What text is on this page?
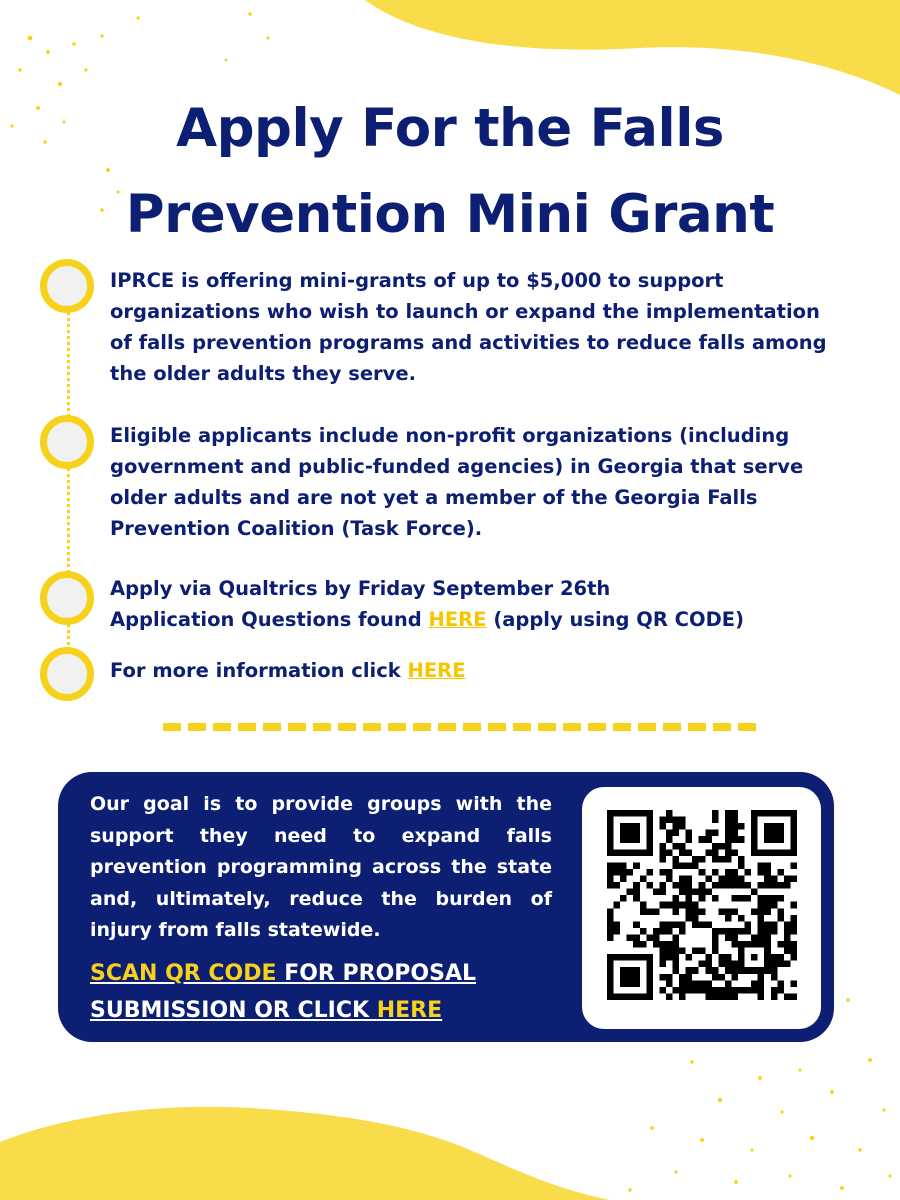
Apply For the Falls
Prevention Mini Grant
IPRCE is offering mini-grants of up to $5,000 to support organizations who wish to launch or expand the implementation of falls prevention programs and activities to reduce falls among the older adults they serve.
Eligible applicants include non-profit organizations (including government and public-funded agencies) in Georgia that serve older adults and are not yet a member of the Georgia Falls Prevention Coalition (Task Force).
Apply via Qualtrics by Friday September 26th
Application Questions found HERE (apply using QR CODE)
For more information click HERE
Our goal is to provide groups with the support they need to expand falls prevention programming across the state and, ultimately, reduce the burden of injury from falls statewide.
SCAN QR CODE FOR PROPOSAL
SUBMISSION OR CLICK HERE
